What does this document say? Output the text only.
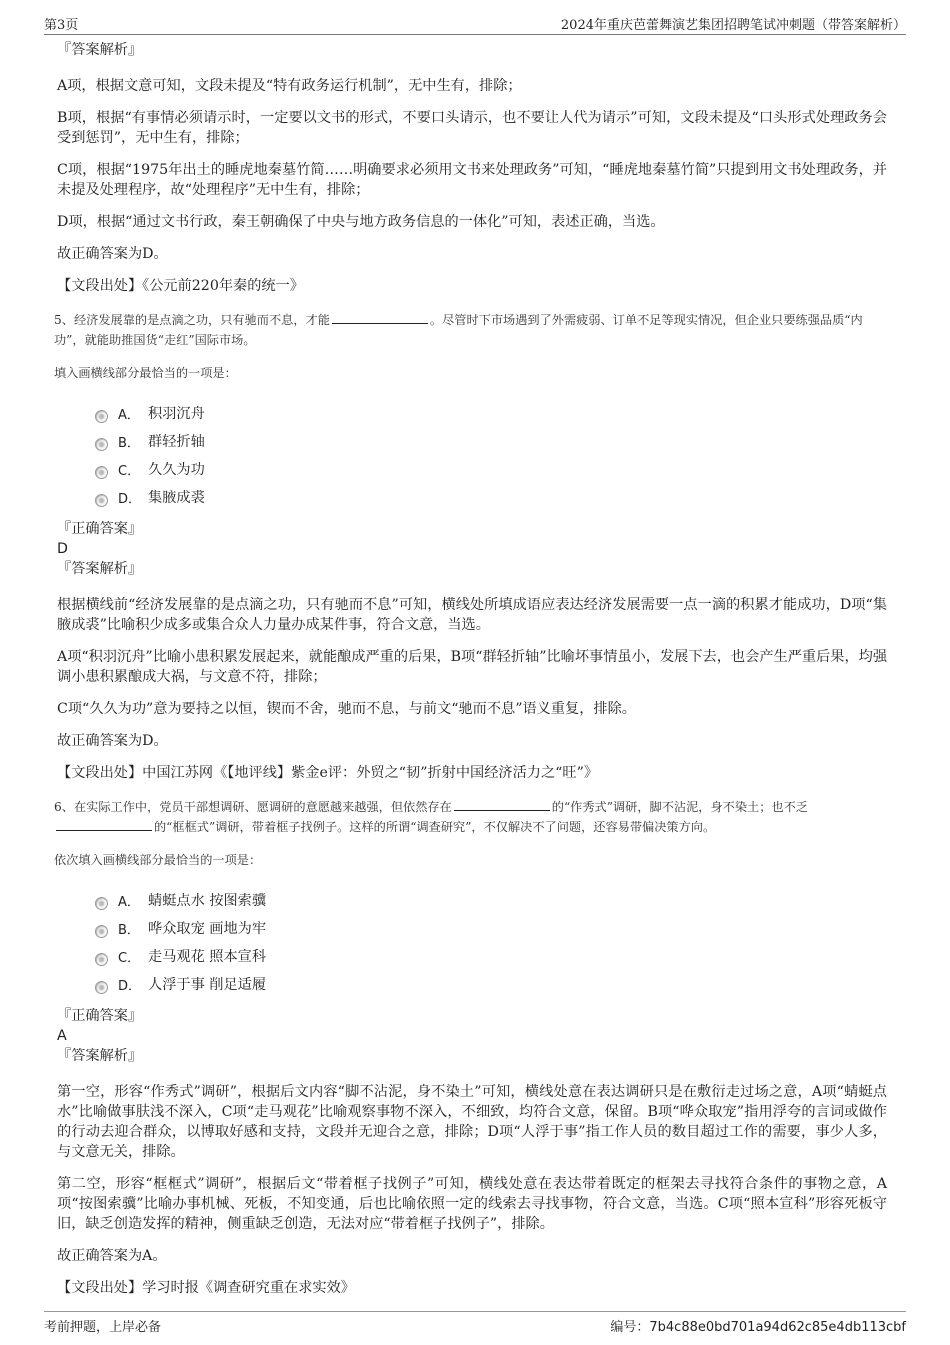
第3页	2024年重庆芭蕾舞演艺集团招聘笔试冲刺题（带答案解析）

『答案解析』

A项，根据文意可知，文段未提及“特有政务运行机制”，无中生有，排除；

B项，根据“有事情必须请示时，一定要以文书的形式，不要口头请示，也不要让人代为请示”可知，文段未提及“口头形式处理政务会受到惩罚”，无中生有，排除；

C项，根据“1975年出土的睡虎地秦墓竹简……明确要求必须用文书来处理政务”可知，“睡虎地秦墓竹简”只提到用文书处理政务，并未提及处理程序，故“处理程序”无中生有，排除；

D项，根据“通过文书行政，秦王朝确保了中央与地方政务信息的一体化”可知，表述正确，当选。

故正确答案为D。

【文段出处】《公元前220年秦的统一》

5、经济发展靠的是点滴之功，只有驰而不息，才能	。尽管时下市场遇到了外需疲弱、订单不足等现实情况，但企业只要练强品质“内功”，就能助推国货“走红”国际市场。

填入画横线部分最恰当的一项是：

A． 积羽沉舟
B． 群轻折轴
C． 久久为功
D． 集腋成裘

『正确答案』

D

『答案解析』

根据横线前“经济发展靠的是点滴之功，只有驰而不息”可知，横线处所填成语应表达经济发展需要一点一滴的积累才能成功，D项“集腋成裘”比喻积少成多或集合众人力量办成某件事，符合文意，当选。

A项“积羽沉舟”比喻小患积累发展起来，就能酿成严重的后果，B项“群轻折轴”比喻坏事情虽小，发展下去，也会产生严重后果，均强调小患积累酿成大祸，与文意不符，排除；

C项“久久为功”意为要持之以恒，锲而不舍，驰而不息，与前文“驰而不息”语义重复，排除。

故正确答案为D。

【文段出处】中国江苏网《【地评线】紫金e评：外贸之“韧”折射中国经济活力之“旺”》

6、在实际工作中，党员干部想调研、愿调研的意愿越来越强，但依然存在	的“作秀式”调研，脚不沾泥，身不染土；也不乏
的“框框式”调研，带着框子找例子。这样的所谓“调查研究”，不仅解决不了问题，还容易带偏决策方向。

依次填入画横线部分最恰当的一项是：

A． 蜻蜓点水 按图索骥
B． 哗众取宠 画地为牢
C． 走马观花 照本宣科
D． 人浮于事 削足适履

『正确答案』

A

『答案解析』

第一空，形容“作秀式”调研”，根据后文内容“脚不沾泥，身不染土”可知，横线处意在表达调研只是在敷衍走过场之意，A项“蜻蜓点水”比喻做事肤浅不深入，C项“走马观花”比喻观察事物不深入，不细致，均符合文意，保留。B项“哗众取宠”指用浮夸的言词或做作的行动去迎合群众，以博取好感和支持，文段并无迎合之意，排除；D项“人浮于事”指工作人员的数目超过工作的需要，事少人多，与文意无关，排除。

第二空，形容“框框式”调研”，根据后文“带着框子找例子”可知，横线处意在表达带着既定的框架去寻找符合条件的事物之意，A项“按图索骥”比喻办事机械、死板，不知变通，后也比喻依照一定的线索去寻找事物，符合文意，当选。C项“照本宣科”形容死板守旧，缺乏创造发挥的精神，侧重缺乏创造，无法对应“带着框子找例子”，排除。

故正确答案为A。

【文段出处】学习时报《调查研究重在求实效》

考前押题，上岸必备	编号：7b4c88e0bd701a94d62c85e4db113cbf
